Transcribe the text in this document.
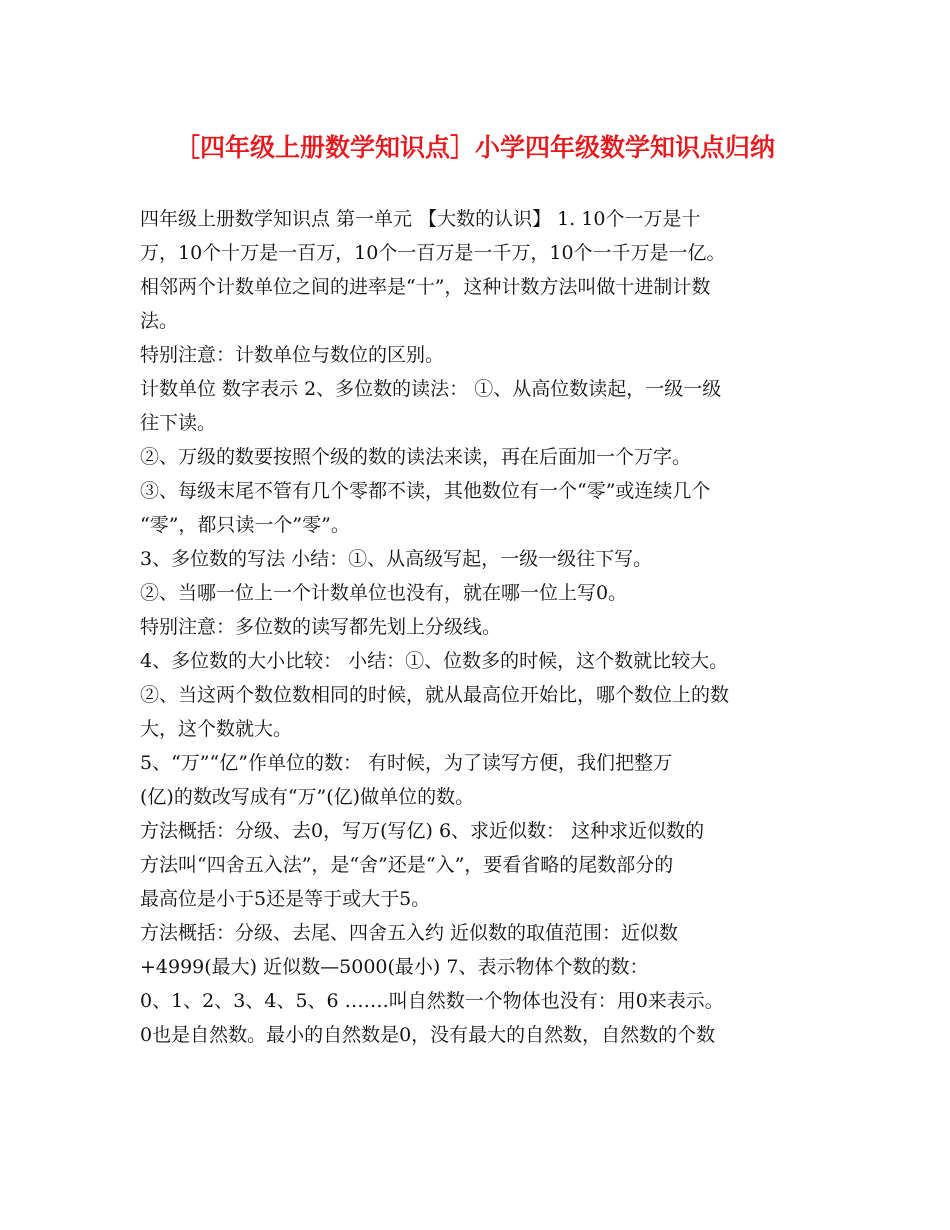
［四年级上册数学知识点］小学四年级数学知识点归纳
四年级上册数学知识点 第一单元 【大数的认识】 1. 10个一万是十
万，10个十万是一百万，10个一百万是一千万，10个一千万是一亿。
相邻两个计数单位之间的进率是“十”，这种计数方法叫做十进制计数
法。
特别注意：计数单位与数位的区别。
计数单位 数字表示 2、多位数的读法： ①、从高位数读起，一级一级
往下读。
②、万级的数要按照个级的数的读法来读，再在后面加一个万字。
③、每级末尾不管有几个零都不读，其他数位有一个“零”或连续几个
“零”，都只读一个”零”。
3、多位数的写法 小结：①、从高级写起，一级一级往下写。
②、当哪一位上一个计数单位也没有，就在哪一位上写0。
特别注意：多位数的读写都先划上分级线。
4、多位数的大小比较： 小结：①、位数多的时候，这个数就比较大。
②、当这两个数位数相同的时候，就从最高位开始比，哪个数位上的数
大，这个数就大。
5、“万”“亿”作单位的数： 有时候，为了读写方便，我们把整万
(亿)的数改写成有“万”(亿)做单位的数。
方法概括：分级、去0，写万(写亿) 6、求近似数： 这种求近似数的
方法叫“四舍五入法”，是“舍”还是“入”，要看省略的尾数部分的
最高位是小于5还是等于或大于5。
方法概括：分级、去尾、四舍五入约 近似数的取值范围：近似数
+4999(最大) 近似数—5000(最小) 7、表示物体个数的数：
0、1、2、3、4、5、6 …….叫自然数一个物体也没有：用0来表示。
0也是自然数。最小的自然数是0，没有最大的自然数，自然数的个数
